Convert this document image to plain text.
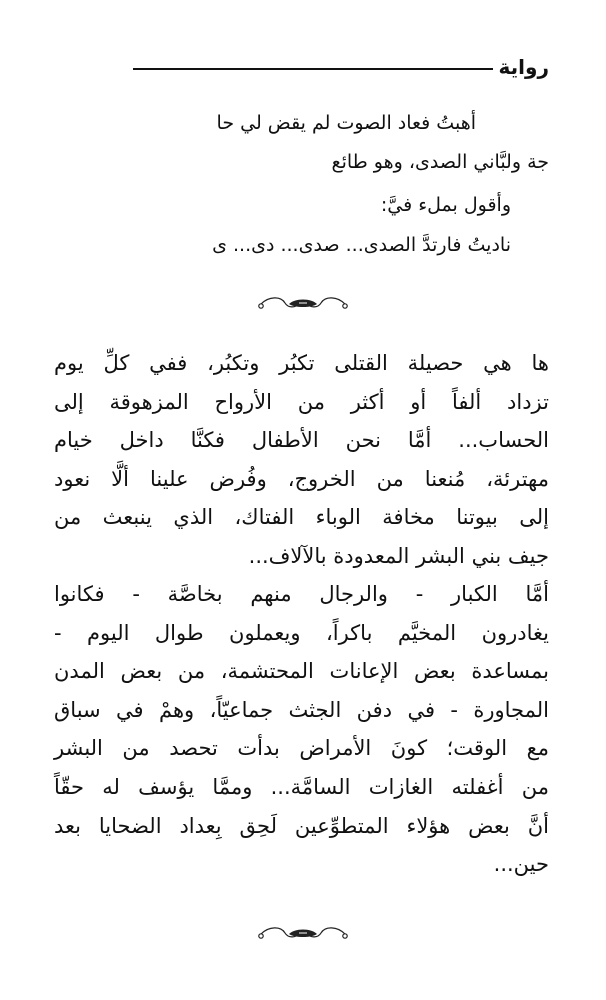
رواية
أهبتُ فعاد الصوت لم يقض لي حا
جة ولبَّاني الصدى، وهو طائع
وأقول بملء فيَّ:
ناديتُ فارتدَّ الصدى... صدى... دى... ى
ها هي حصيلة القتلى تكبُر وتكبُر، ففي كلِّ يوم
تزداد ألفاً أو أكثر من الأرواح المزهوقة إلى
الحساب... أمَّا نحن الأطفال فكنَّا داخل خيام
مهترئة، مُنعنا من الخروج، وفُرض علينا ألَّا نعود
إلى بيوتنا مخافة الوباء الفتاك، الذي ينبعث من
جيف بني البشر المعدودة بالآلاف...
أمَّا الكبار - والرجال منهم بخاصَّة - فكانوا
يغادرون المخيَّم باكراً، ويعملون طوال اليوم -
بمساعدة بعض الإعانات المحتشمة، من بعض المدن
المجاورة - في دفن الجثث جماعيّاً، وهمْ في سباق
مع الوقت؛ كونَ الأمراض بدأت تحصد من البشر
من أغفلته الغازات السامَّة... وممَّا يؤسف له حقّاً
أنَّ بعض هؤلاء المتطوِّعين لَحِق بِعداد الضحايا بعد
حين...
